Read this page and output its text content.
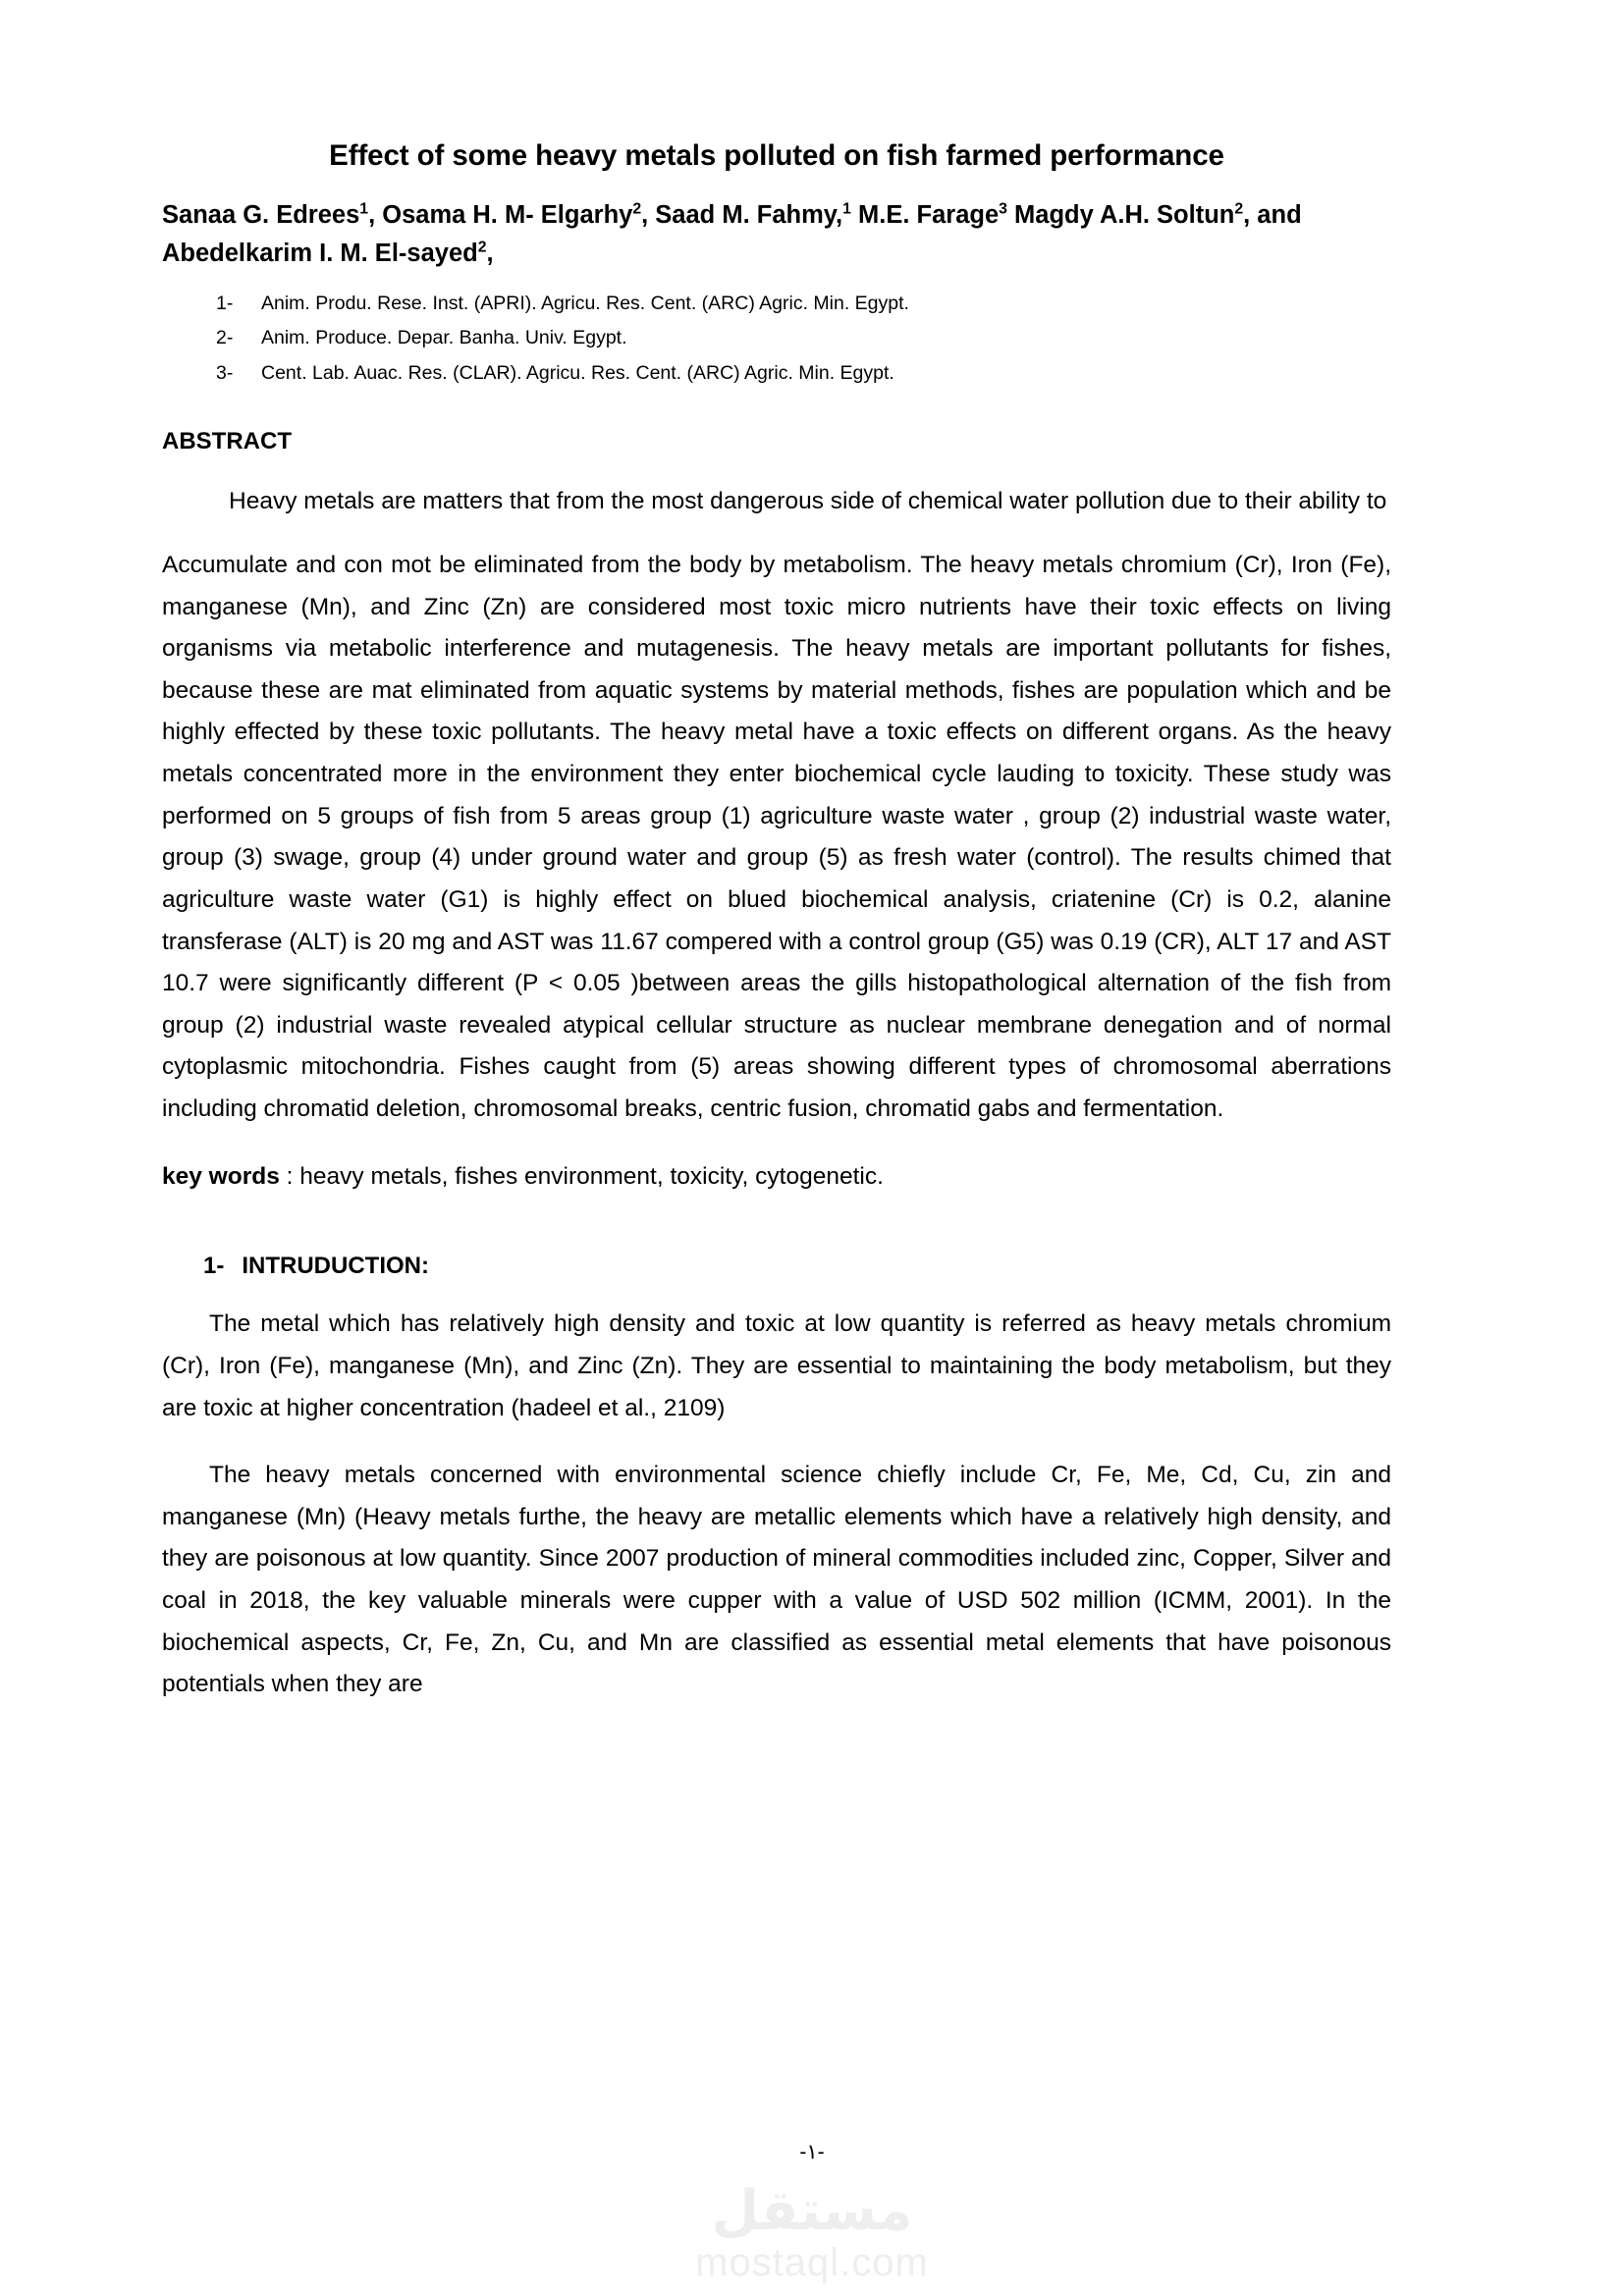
Effect of some heavy metals polluted on fish farmed performance
Sanaa G. Edrees$^1$, Osama H. M- Elgarhy$^2$, Saad M. Fahmy,$^1$ M.E. Farage$^3$ Magdy A.H. Soltun$^2$, and Abedelkarim I. M. El-sayed$^2$,
1-	Anim. Produ. Rese. Inst. (APRI). Agricu. Res. Cent. (ARC) Agric. Min. Egypt.
2-	Anim. Produce. Depar. Banha. Univ. Egypt.
3-	Cent. Lab. Auac. Res. (CLAR). Agricu. Res. Cent. (ARC) Agric. Min. Egypt.
ABSTRACT

Heavy metals are matters that from the most dangerous side of chemical water pollution due to their ability to

Accumulate and con mot be eliminated from the body by metabolism. The heavy metals chromium (Cr), Iron (Fe), manganese (Mn), and Zinc (Zn) are considered most toxic micro nutrients have their toxic effects on living organisms via metabolic interference and mutagenesis. The heavy metals are important pollutants for fishes, because these are mat eliminated from aquatic systems by material methods, fishes are population which and be highly effected by these toxic pollutants. The heavy metal have a toxic effects on different organs. As the heavy metals concentrated more in the environment they enter biochemical cycle lauding to toxicity. These study was performed on 5 groups of fish from 5 areas group (1) agriculture waste water , group (2) industrial waste water, group (3) swage, group (4) under ground water and group (5) as fresh water (control). The results chimed that agriculture waste water (G1) is highly effect on blued biochemical analysis, criatenine (Cr) is 0.2, alanine transferase (ALT) is 20 mg and AST was 11.67 compered with a control group (G5) was 0.19 (CR), ALT 17 and AST 10.7 were significantly different (P < 0.05 )between areas the gills histopathological alternation of the fish from group (2) industrial waste revealed atypical cellular structure as nuclear membrane denegation and of normal cytoplasmic mitochondria. Fishes caught from (5) areas showing different types of chromosomal aberrations including chromatid deletion, chromosomal breaks, centric fusion, chromatid gabs and fermentation.

key words : heavy metals, fishes environment, toxicity, cytogenetic.

1- INTRUDUCTION:

The metal which has relatively high density and toxic at low quantity is referred as heavy metals chromium (Cr), Iron (Fe), manganese (Mn), and Zinc (Zn). They are essential to maintaining the body metabolism, but they are toxic at higher concentration (hadeel et al., 2109)

The heavy metals concerned with environmental science chiefly include Cr, Fe, Me, Cd, Cu, zin and manganese (Mn) (Heavy metals furthe, the heavy are metallic elements which have a relatively high density, and they are poisonous at low quantity. Since 2007 production of mineral commodities included zinc, Copper, Silver and coal in 2018, the key valuable minerals were cupper with a value of USD 502 million (ICMM, 2001). In the biochemical aspects, Cr, Fe, Zn, Cu, and Mn are classified as essential metal elements that have poisonous potentials when they are

-١-
مستقل
mostaql.com
